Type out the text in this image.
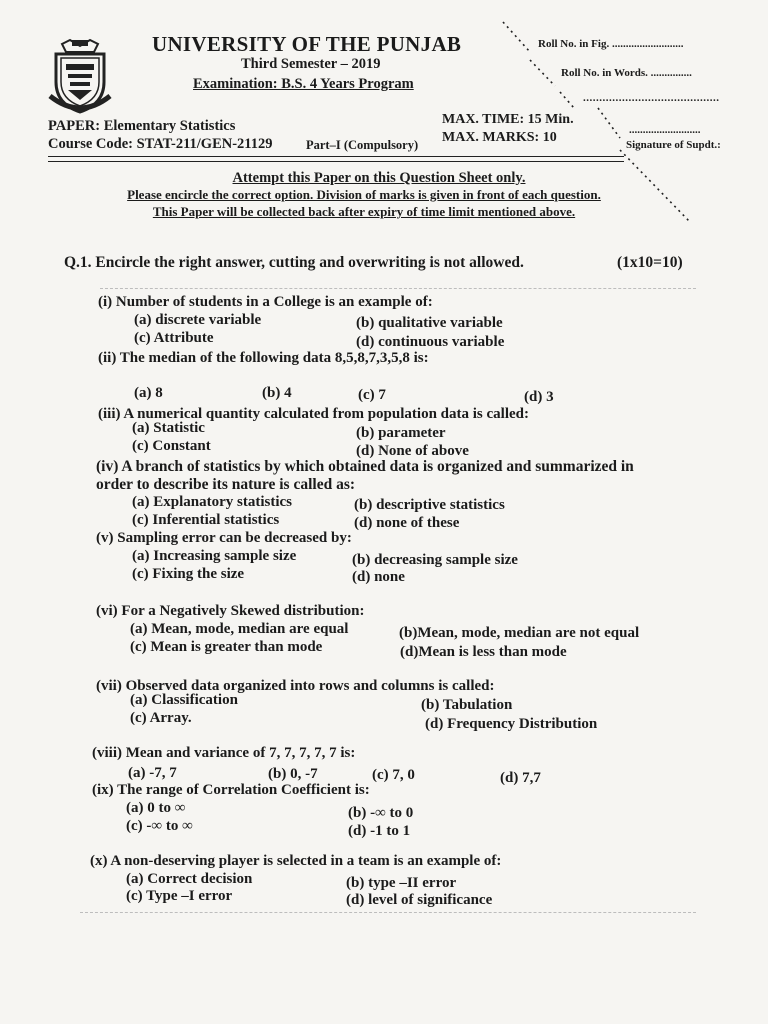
UNIVERSITY OF THE PUNJAB
Third Semester – 2019
Examination: B.S. 4 Years Program
Roll No. in Fig. ..........................
Roll No. in Words. ...............
..........................................
..........................
Signature of Supdt.:
PAPER: Elementary Statistics
Course Code: STAT-211/GEN-21129	Part–I (Compulsory)
MAX. TIME: 15 Min.
MAX. MARKS: 10
Attempt this Paper on this Question Sheet only.
Please encircle the correct option. Division of marks is given in front of each question.
This Paper will be collected back after expiry of time limit mentioned above.
Q.1. Encircle the right answer, cutting and overwriting is not allowed.	(1x10=10)
(i) Number of students in a College is an example of:
(a) discrete variable	(b) qualitative variable
(c) Attribute	(d) continuous variable
(ii) The median of the following data 8,5,8,7,3,5,8 is:
(a) 8	(b) 4	(c) 7	(d) 3
(iii) A numerical quantity calculated from population data is called:
(a) Statistic	(b) parameter
(c) Constant	(d) None of above
(iv) A branch of statistics by which obtained data is organized and summarized in
order to describe its nature is called as:
(a) Explanatory statistics	(b) descriptive statistics
(c) Inferential statistics	(d) none of these
(v) Sampling error can be decreased by:
(a) Increasing sample size	(b) decreasing sample size
(c) Fixing the size	(d) none
(vi) For a Negatively Skewed distribution:
(a) Mean, mode, median are equal	(b)Mean, mode, median are not equal
(c) Mean is greater than mode	(d)Mean is less than mode
(vii) Observed data organized into rows and columns is called:
(a) Classification	(b) Tabulation
(c) Array.	(d) Frequency Distribution
(viii) Mean and variance of 7, 7, 7, 7, 7 is:
(a) -7, 7	(b) 0, -7	(c) 7, 0	(d) 7,7
(ix) The range of Correlation Coefficient is:
(a) 0 to ∞	(b) -∞ to 0
(c) -∞ to ∞	(d) -1 to 1
(x) A non-deserving player is selected in a team is an example of:
(a) Correct decision	(b) type –II error
(c) Type –I error	(d) level of significance
